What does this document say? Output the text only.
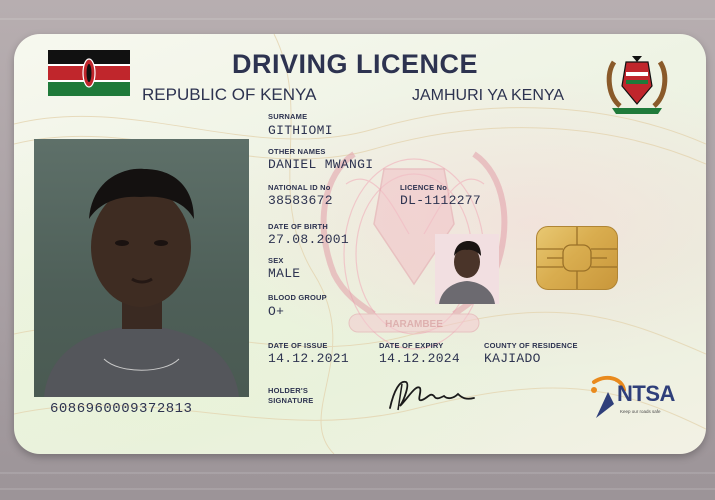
HARAMBEE
DRIVING LICENCE
REPUBLIC OF KENYA	JAMHURI YA KENYA
SURNAME
GITHIOMI
OTHER NAMES
DANIEL MWANGI
NATIONAL ID No
38583672
LICENCE No
DL-1112277
DATE OF BIRTH
27.08.2001
SEX
MALE
BLOOD GROUP
O+
DATE OF ISSUE
14.12.2021
DATE OF EXPIRY
14.12.2024
COUNTY OF RESIDENCE
KAJIADO
HOLDER'S
SIGNATURE
6086960009372813
NTSA
Keep our roads safe
